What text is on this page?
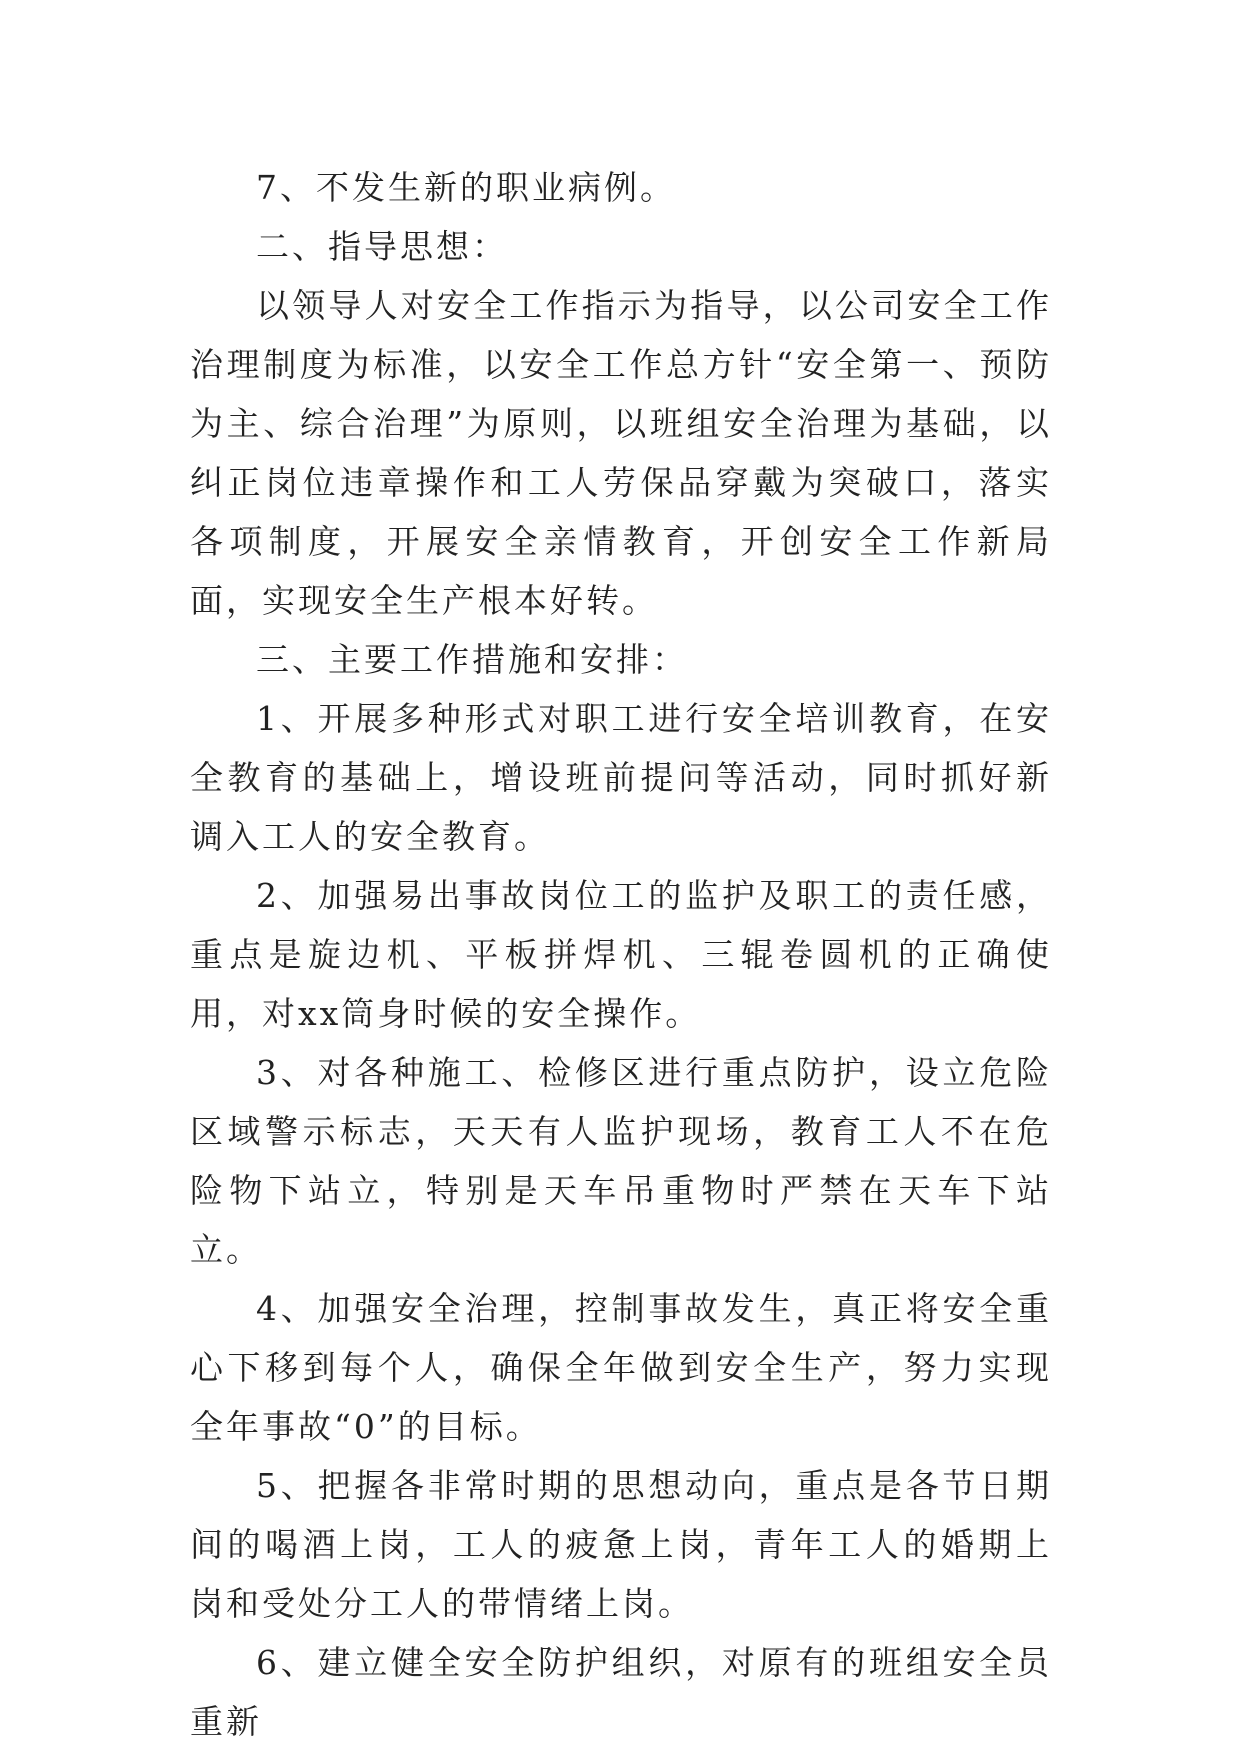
7、不发生新的职业病例。

二、指导思想：

以领导人对安全工作指示为指导，以公司安全工作治理制度为标准，以安全工作总方针“安全第一、预防为主、综合治理”为原则，以班组安全治理为基础，以纠正岗位违章操作和工人劳保品穿戴为突破口，落实各项制度，开展安全亲情教育，开创安全工作新局面，实现安全生产根本好转。

三、主要工作措施和安排：

1、开展多种形式对职工进行安全培训教育，在安全教育的基础上，增设班前提问等活动，同时抓好新调入工人的安全教育。

2、加强易出事故岗位工的监护及职工的责任感，重点是旋边机、平板拼焊机、三辊卷圆机的正确使用，对xx筒身时候的安全操作。

3、对各种施工、检修区进行重点防护，设立危险区域警示标志，天天有人监护现场，教育工人不在危险物下站立，特别是天车吊重物时严禁在天车下站立。

4、加强安全治理，控制事故发生，真正将安全重心下移到每个人，确保全年做到安全生产，努力实现全年事故“0”的目标。

5、把握各非常时期的思想动向，重点是各节日期间的喝酒上岗，工人的疲惫上岗，青年工人的婚期上岗和受处分工人的带情绪上岗。

6、建立健全安全防护组织，对原有的班组安全员重新
